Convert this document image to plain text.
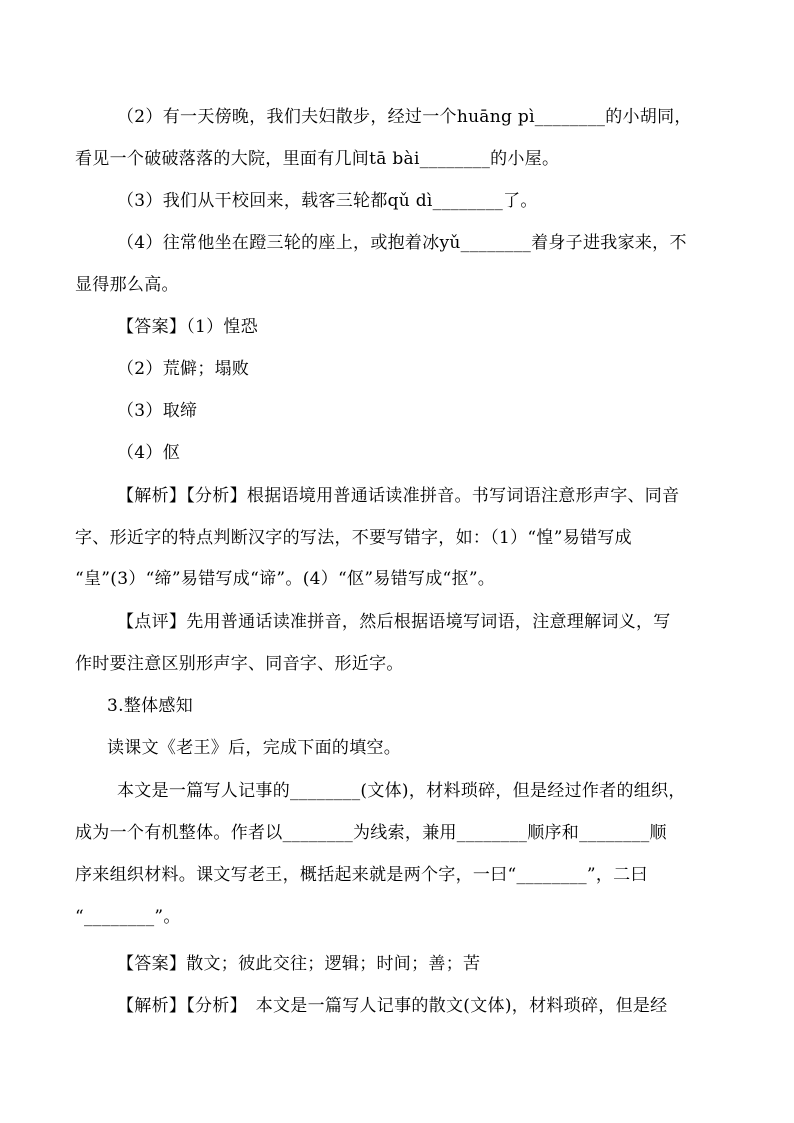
（2）有一天傍晚，我们夫妇散步，经过一个huāng pì________的小胡同，
看见一个破破落落的大院，里面有几间tā bài________的小屋。
（3）我们从干校回来，载客三轮都qǔ dì________了。
（4）往常他坐在蹬三轮的座上，或抱着冰yǔ________着身子进我家来，不
显得那么高。
【答案】（1）惶恐
（2）荒僻；塌败
（3）取缔
（4）伛
【解析】【分析】根据语境用普通话读准拼音。书写词语注意形声字、同音
字、形近字的特点判断汉字的写法，不要写错字，如：（1）“惶”易错写成
“皇”(3）“缔”易错写成“谛”。(4）“伛”易错写成“抠”。
【点评】先用普通话读准拼音，然后根据语境写词语，注意理解词义，写
作时要注意区别形声字、同音字、形近字。
3.整体感知
读课文《老王》后，完成下面的填空。
本文是一篇写人记事的________(文体)，材料琐碎，但是经过作者的组织，
成为一个有机整体。作者以________为线索，兼用________顺序和________顺
序来组织材料。课文写老王，概括起来就是两个字，一曰“________”，二曰
“________”。
【答案】散文；彼此交往；逻辑；时间；善；苦
【解析】【分析】　本文是一篇写人记事的散文(文体)，材料琐碎，但是经
